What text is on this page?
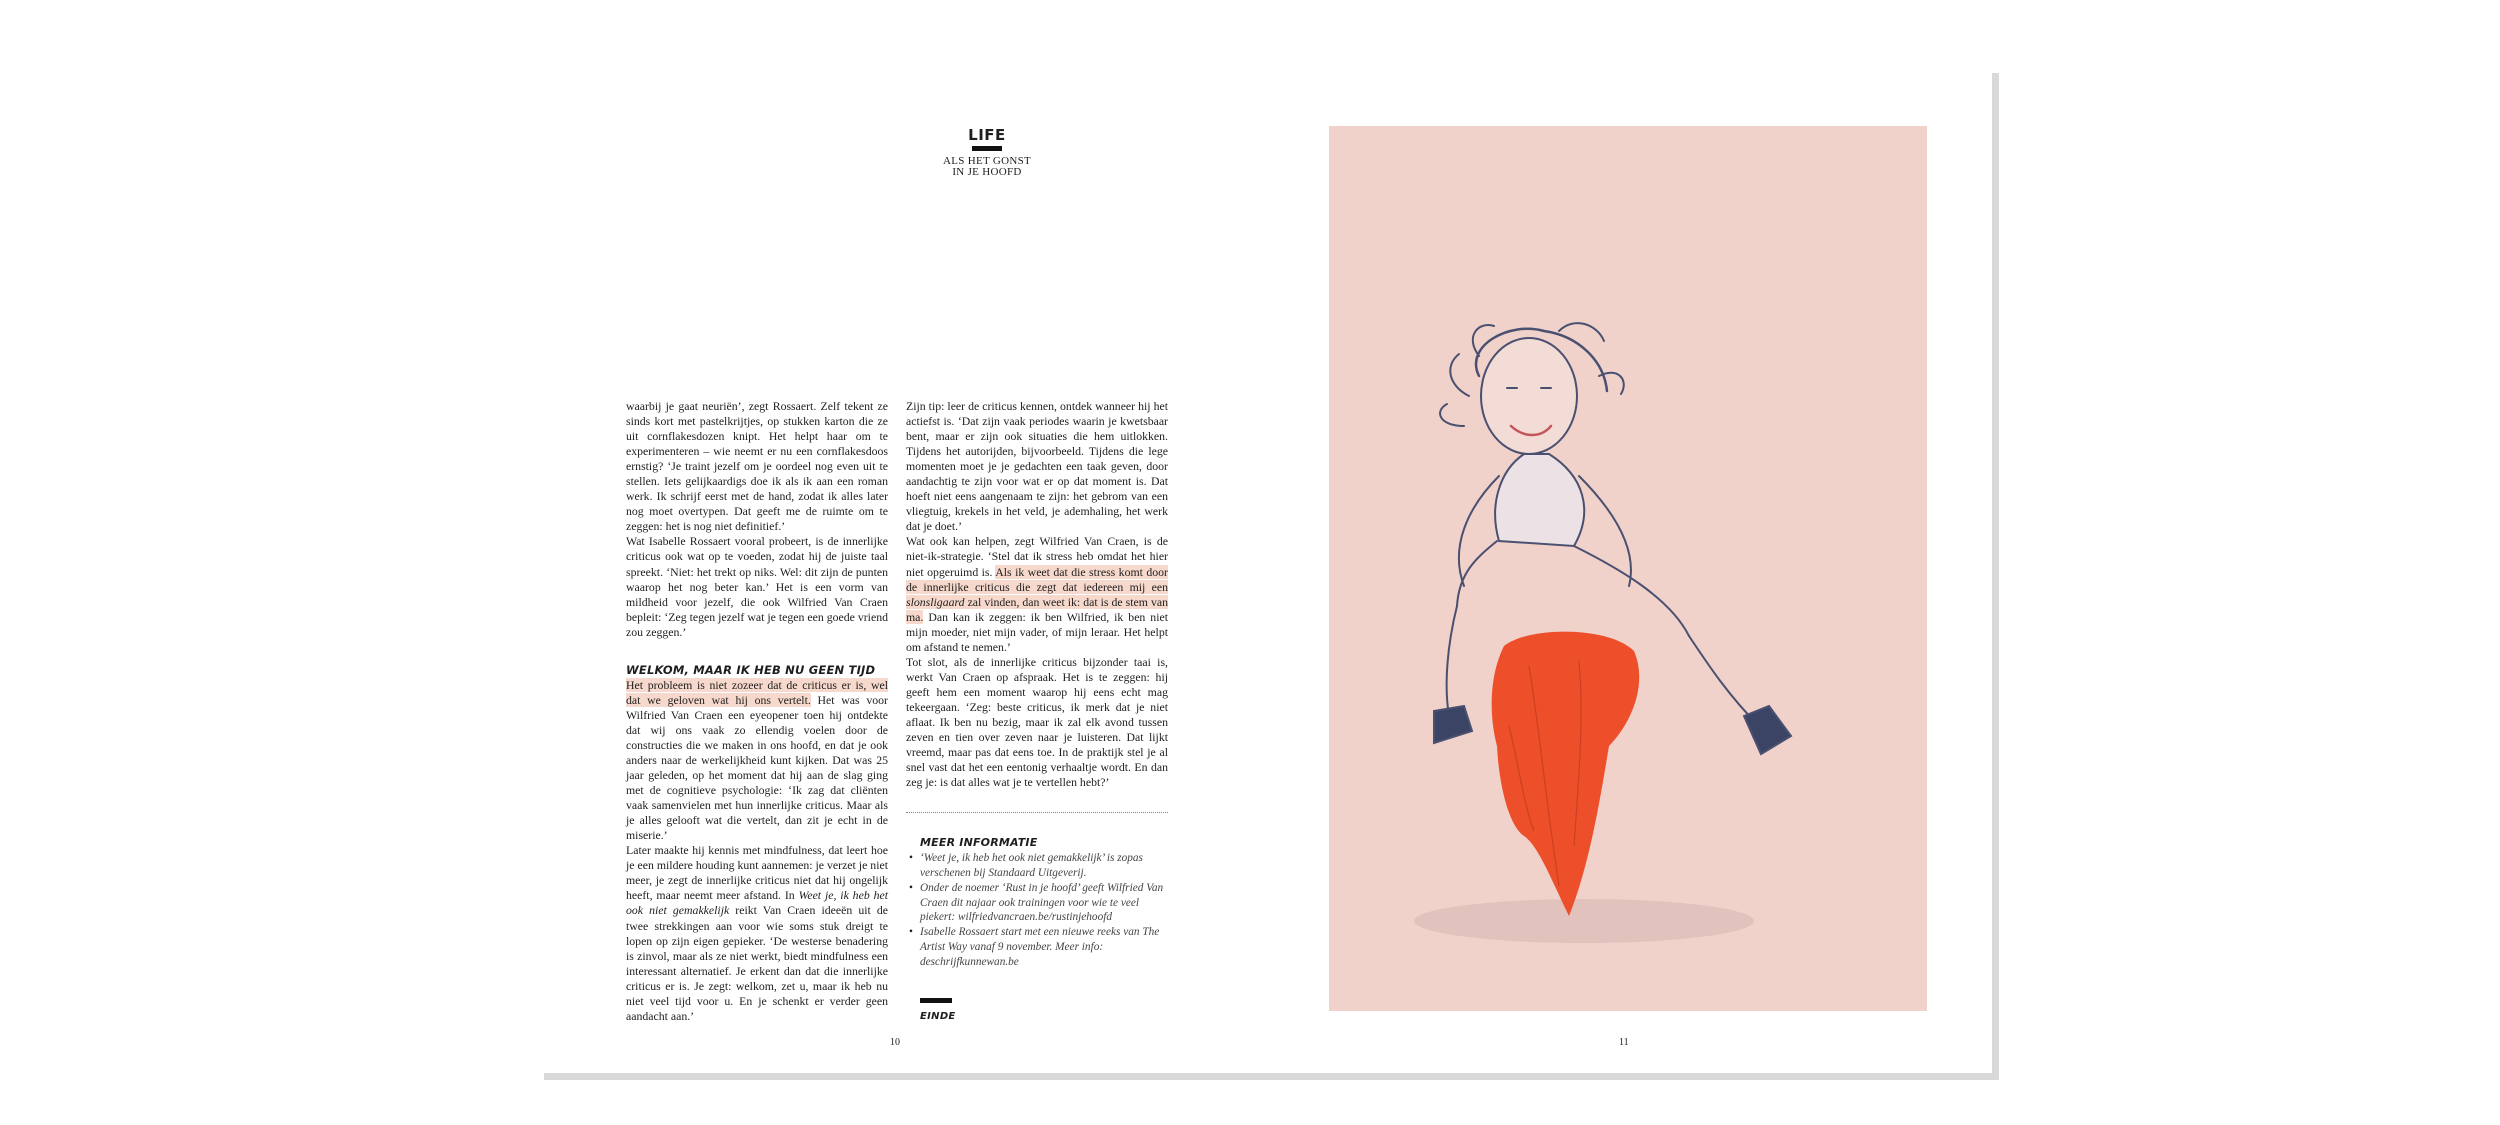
LIFE
ALS HET GONST
IN JE HOOFD

waarbij je gaat neuriën’, zegt Rossaert. Zelf tekent ze sinds kort met pastelkrijtjes, op stukken karton die ze uit cornflakesdozen knipt. Het helpt haar om te experimenteren – wie neemt er nu een cornflakesdoos ernstig? ‘Je traint jezelf om je oordeel nog even uit te stellen. Iets gelijkaardigs doe ik als ik aan een roman werk. Ik schrijf eerst met de hand, zodat ik alles later nog moet overtypen. Dat geeft me de ruimte om te zeggen: het is nog niet definitief.’

Wat Isabelle Rossaert vooral probeert, is de innerlijke criticus ook wat op te voeden, zodat hij de juiste taal spreekt. ‘Niet: het trekt op niks. Wel: dit zijn de punten waarop het nog beter kan.’ Het is een vorm van mildheid voor jezelf, die ook Wilfried Van Craen bepleit: ‘Zeg tegen jezelf wat je tegen een goede vriend zou zeggen.’

WELKOM, MAAR IK HEB NU GEEN TIJD

Het probleem is niet zozeer dat de criticus er is, wel dat we geloven wat hij ons vertelt. Het was voor Wilfried Van Craen een eyeopener toen hij ontdekte dat wij ons vaak zo ellendig voelen door de constructies die we maken in ons hoofd, en dat je ook anders naar de werkelijkheid kunt kijken. Dat was 25 jaar geleden, op het moment dat hij aan de slag ging met de cognitieve psychologie: ‘Ik zag dat cliënten vaak samenvielen met hun innerlijke criticus. Maar als je alles gelooft wat die vertelt, dan zit je echt in de miserie.’

Later maakte hij kennis met mindfulness, dat leert hoe je een mildere houding kunt aannemen: je verzet je niet meer, je zegt de innerlijke criticus niet dat hij ongelijk heeft, maar neemt meer afstand. In Weet je, ik heb het ook niet gemakkelijk reikt Van Craen ideeën uit de twee strekkingen aan voor wie soms stuk dreigt te lopen op zijn eigen gepieker. ‘De westerse benadering is zinvol, maar als ze niet werkt, biedt mindfulness een interessant alternatief. Je erkent dan dat die innerlijke criticus er is. Je zegt: welkom, zet u, maar ik heb nu niet veel tijd voor u. En je schenkt er verder geen aandacht aan.’

Zijn tip: leer de criticus kennen, ontdek wanneer hij het actiefst is. ‘Dat zijn vaak periodes waarin je kwetsbaar bent, maar er zijn ook situaties die hem uitlokken. Tijdens het autorijden, bijvoorbeeld. Tijdens die lege momenten moet je je gedachten een taak geven, door aandachtig te zijn voor wat er op dat moment is. Dat hoeft niet eens aangenaam te zijn: het gebrom van een vliegtuig, krekels in het veld, je ademhaling, het werk dat je doet.’

Wat ook kan helpen, zegt Wilfried Van Craen, is de niet-ik-strategie. ‘Stel dat ik stress heb omdat het hier niet opgeruimd is. Als ik weet dat die stress komt door de innerlijke criticus die zegt dat iedereen mij een slonsligaard zal vinden, dan weet ik: dat is de stem van ma. Dan kan ik zeggen: ik ben Wilfried, ik ben niet mijn moeder, niet mijn vader, of mijn leraar. Het helpt om afstand te nemen.’

Tot slot, als de innerlijke criticus bijzonder taai is, werkt Van Craen op afspraak. Het is te zeggen: hij geeft hem een moment waarop hij eens echt mag tekeergaan. ‘Zeg: beste criticus, ik merk dat je niet aflaat. Ik ben nu bezig, maar ik zal elk avond tussen zeven en tien over zeven naar je luisteren. Dat lijkt vreemd, maar pas dat eens toe. In de praktijk stel je al snel vast dat het een eentonig verhaaltje wordt. En dan zeg je: is dat alles wat je te vertellen hebt?’

MEER INFORMATIE
• ‘Weet je, ik heb het ook niet gemakkelijk’ is zopas verschenen bij Standaard Uitgeverij.
• Onder de noemer ‘Rust in je hoofd’ geeft Wilfried Van Craen dit najaar ook trainingen voor wie te veel piekert: wilfriedvancraen.be/rustinjehoofd
• Isabelle Rossaert start met een nieuwe reeks van The Artist Way vanaf 9 november. Meer info: deschrijfkunnewan.be
EINDE
10	11
